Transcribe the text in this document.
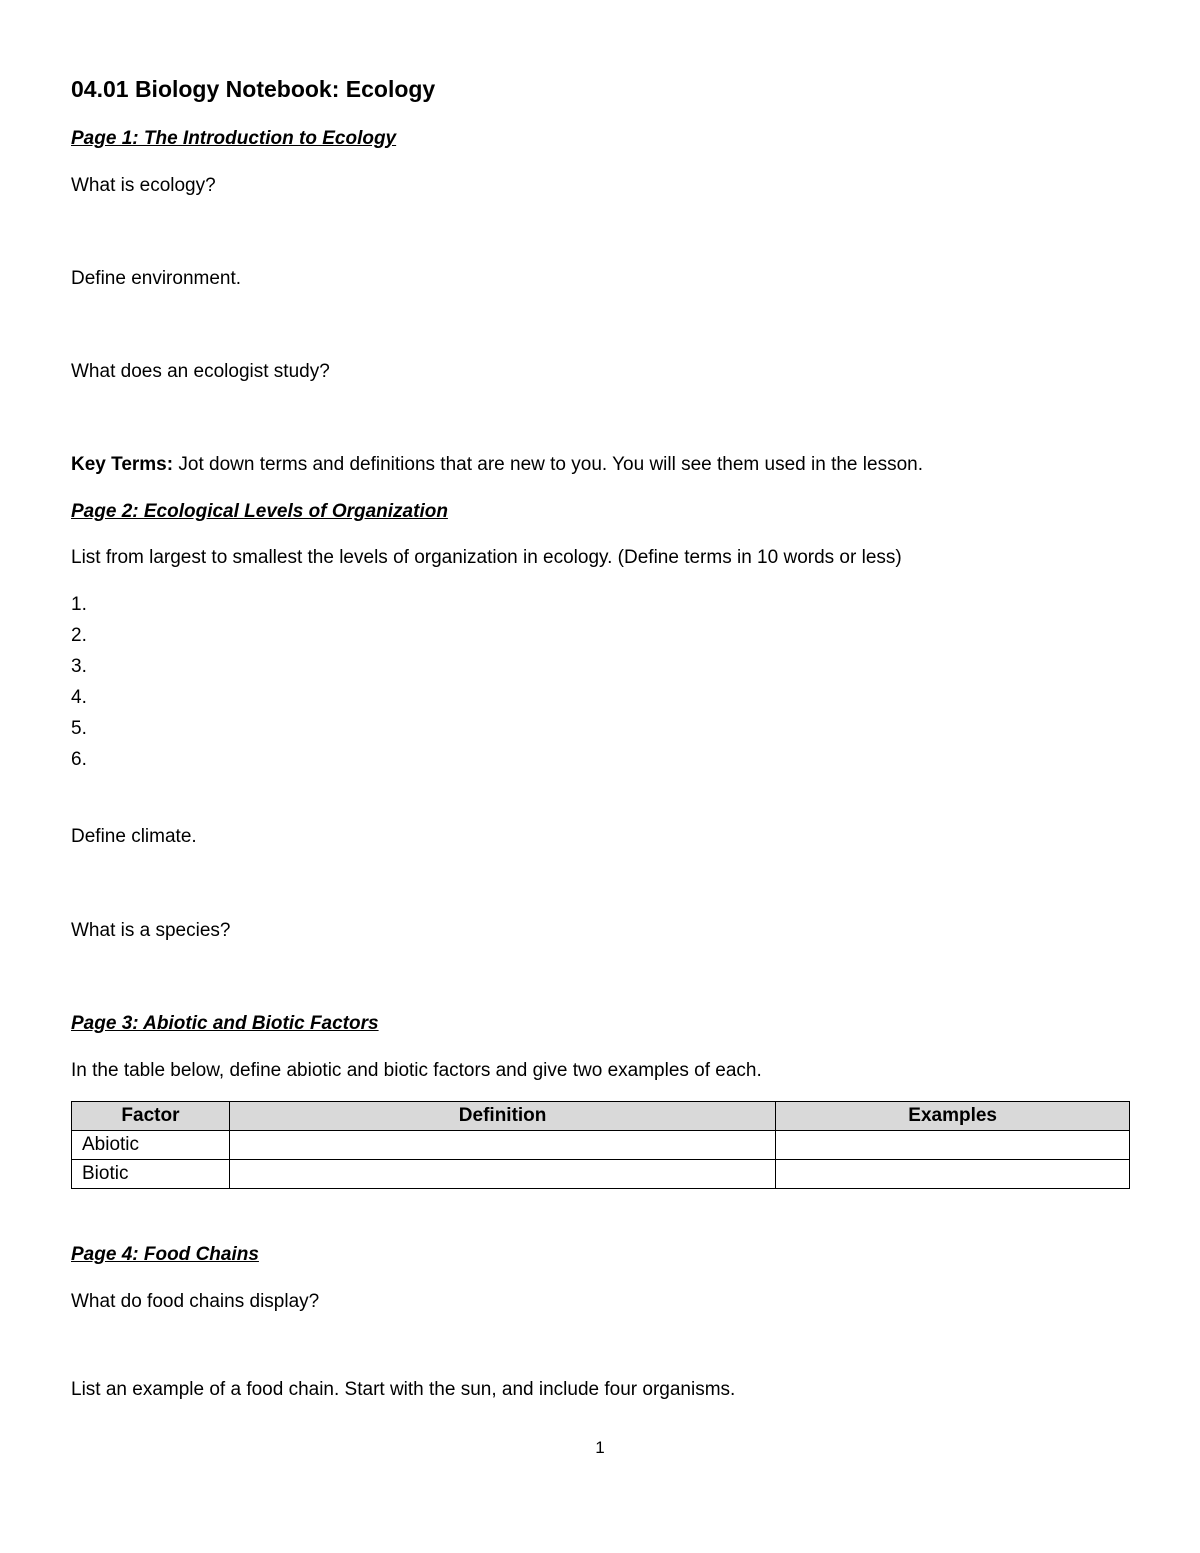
04.01 Biology Notebook: Ecology
Page 1: The Introduction to Ecology
What is ecology?
Define environment.
What does an ecologist study?
Key Terms: Jot down terms and definitions that are new to you. You will see them used in the lesson.
Page 2: Ecological Levels of Organization
List from largest to smallest the levels of organization in ecology. (Define terms in 10 words or less)
1.
2.
3.
4.
5.
6.
Define climate.
What is a species?
Page 3: Abiotic and Biotic Factors
In the table below, define abiotic and biotic factors and give two examples of each.
Factor	Definition	Examples
Abiotic		
Biotic		
Page 4: Food Chains
What do food chains display?
List an example of a food chain. Start with the sun, and include four organisms.
1
